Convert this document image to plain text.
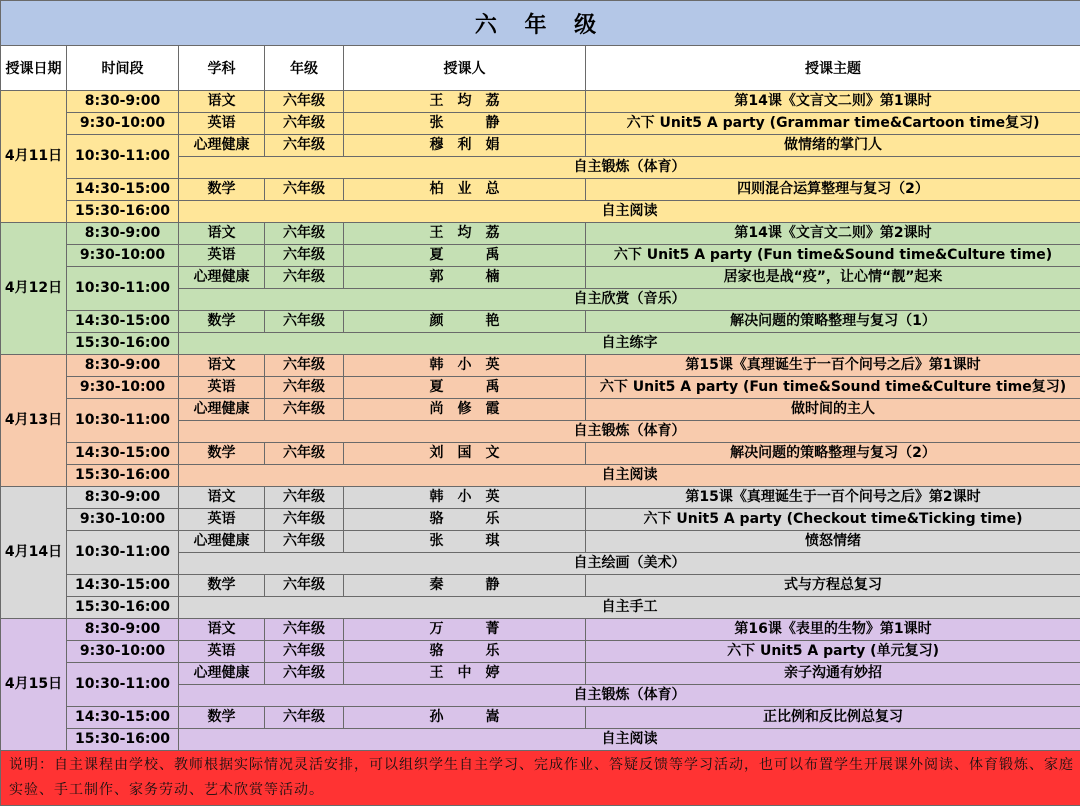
六 年 级					
授课日期	时间段	学科	年级	授课人	授课主题
4月11日	8:30-9:00	语文	六年级	王　均　荔	第14课《文言文二则》第1课时
	9:30-10:00	英语	六年级	张　　　静	六下 Unit5 A party (Grammar time&Cartoon time复习)
	10:30-11:00	心理健康	六年级	穆　利　娟	做情绪的掌门人
		自主锻炼（体育）			
	14:30-15:00	数学	六年级	柏　业　总	四则混合运算整理与复习（2）
	15:30-16:00	自主阅读			
4月12日	8:30-9:00	语文	六年级	王　均　荔	第14课《文言文二则》第2课时
	9:30-10:00	英语	六年级	夏　　　禹	六下 Unit5 A party (Fun time&Sound time&Culture time)
	10:30-11:00	心理健康	六年级	郭　　　楠	居家也是战“疫”，让心情“靓”起来
		自主欣赏（音乐）			
	14:30-15:00	数学	六年级	颜　　　艳	解决问题的策略整理与复习（1）
	15:30-16:00	自主练字			
4月13日	8:30-9:00	语文	六年级	韩　小　英	第15课《真理诞生于一百个问号之后》第1课时
	9:30-10:00	英语	六年级	夏　　　禹	六下 Unit5 A party (Fun time&Sound time&Culture time复习)
	10:30-11:00	心理健康	六年级	尚　修　霞	做时间的主人
		自主锻炼（体育）			
	14:30-15:00	数学	六年级	刘　国　文	解决问题的策略整理与复习（2）
	15:30-16:00	自主阅读			
4月14日	8:30-9:00	语文	六年级	韩　小　英	第15课《真理诞生于一百个问号之后》第2课时
	9:30-10:00	英语	六年级	骆　　　乐	六下 Unit5 A party (Checkout time&Ticking time)
	10:30-11:00	心理健康	六年级	张　　　琪	愤怒情绪
		自主绘画（美术）			
	14:30-15:00	数学	六年级	秦　　　静	式与方程总复习
	15:30-16:00	自主手工			
4月15日	8:30-9:00	语文	六年级	万　　　菁	第16课《表里的生物》第1课时
	9:30-10:00	英语	六年级	骆　　　乐	六下 Unit5 A party (单元复习)
	10:30-11:00	心理健康	六年级	王　中　婷	亲子沟通有妙招
		自主锻炼（体育）			
	14:30-15:00	数学	六年级	孙　　　嵩	正比例和反比例总复习
	15:30-16:00	自主阅读			
说明：自主课程由学校、教师根据实际情况灵活安排，可以组织学生自主学习、完成作业、答疑反馈等学习活动，也可以布置学生开展课外阅读、体育锻炼、家庭实验、手工制作、家务劳动、艺术欣赏等活动。					
